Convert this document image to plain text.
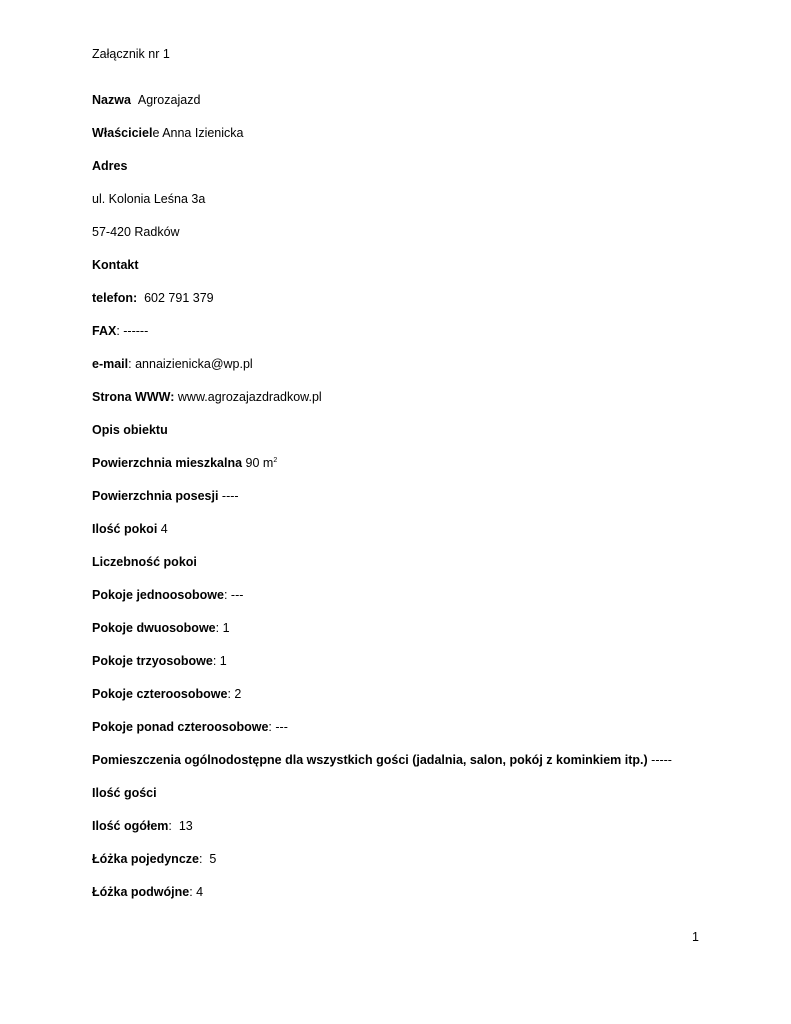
Załącznik nr 1
Nazwa Agrozajazd
Właściciele Anna Izienicka
Adres
ul. Kolonia Leśna 3a
57-420 Radków
Kontakt
telefon: 602 791 379
FAX: ------
e-mail: annaizienicka@wp.pl
Strona WWW: www.agrozajazdradkow.pl
Opis obiektu
Powierzchnia mieszkalna 90 $m^2$
Powierzchnia posesji ----
Ilość pokoi 4
Liczebność pokoi
Pokoje jednoosobowe: ---
Pokoje dwuosobowe: 1
Pokoje trzyosobowe: 1
Pokoje czteroosobowe: 2
Pokoje ponad czteroosobowe: ---
Pomieszczenia ogólnodostępne dla wszystkich gości (jadalnia, salon, pokój z kominkiem itp.) -----
Ilość gości
Ilość ogółem:  13
Łóżka pojedyncze:  5
Łóżka podwójne: 4
1
